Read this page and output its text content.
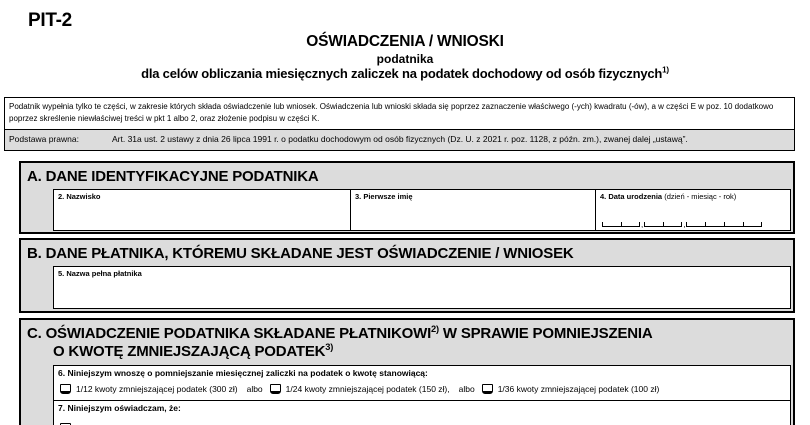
PIT-2
OŚWIADCZENIA / WNIOSKI
podatnika
dla celów obliczania miesięcznych zaliczek na podatek dochodowy od osób fizycznych$^{1)}$
Podatnik wypełnia tylko te części, w zakresie których składa oświadczenie lub wniosek. Oświadczenia lub wnioski składa się poprzez zaznaczenie właściwego (-ych) kwadratu (-ów), a w części E w poz. 10 dodatkowo poprzez skreślenie niewłaściwej treści w pkt 1 albo 2, oraz złożenie podpisu w części K.
Podstawa prawna:	Art. 31a ust. 2 ustawy z dnia 26 lipca 1991 r. o podatku dochodowym od osób fizycznych (Dz. U. z 2021 r. poz. 1128, z późn. zm.), zwanej dalej „ustawą”.
A. DANE IDENTYFIKACYJNE PODATNIKA
2. Nazwisko	3. Pierwsze imię	4. Data urodzenia (dzień - miesiąc - rok)
,	,
B. DANE PŁATNIKA, KTÓREMU SKŁADANE JEST OŚWIADCZENIE / WNIOSEK
5. Nazwa pełna płatnika
C. OŚWIADCZENIE PODATNIKA SKŁADANE PŁATNIKOWI$^{2)}$ W SPRAWIE POMNIEJSZENIA
O KWOTĘ ZMNIEJSZAJĄCĄ PODATEK$^{3)}$
6. Niniejszym wnoszę o pomniejszanie miesięcznej zaliczki na podatek o kwotę stanowiącą:
1/12 kwoty zmniejszającej podatek (300 zł) albo	1/24 kwoty zmniejszającej podatek (150 zł), albo	1/36 kwoty zmniejszającej podatek (100 zł)
7. Niniejszym oświadczam, że:
